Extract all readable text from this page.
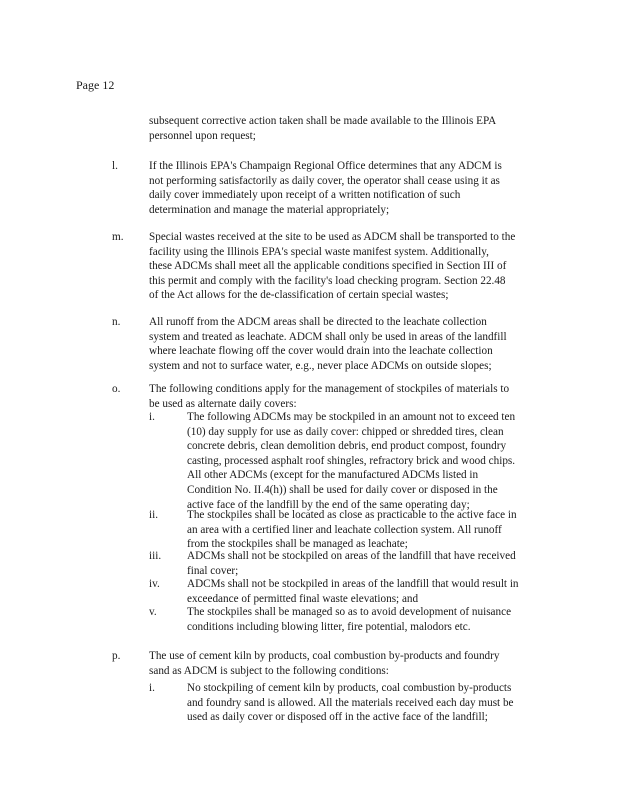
Page 12
subsequent corrective action taken shall be made available to the Illinois EPA
personnel upon request;
l.	If the Illinois EPA's Champaign Regional Office determines that any ADCM is
not performing satisfactorily as daily cover, the operator shall cease using it as
daily cover immediately upon receipt of a written notification of such
determination and manage the material appropriately;
m. Special wastes received at the site to be used as ADCM shall be transported to the
facility using the Illinois EPA's special waste manifest system. Additionally,
these ADCMs shall meet all the applicable conditions specified in Section III of
this permit and comply with the facility's load checking program. Section 22.48
of the Act allows for the de-classification of certain special wastes;
n.	All runoff from the ADCM areas shall be directed to the leachate collection
system and treated as leachate. ADCM shall only be used in areas of the landfill
where leachate flowing off the cover would drain into the leachate collection
system and not to surface water, e.g., never place ADCMs on outside slopes;
o.	The following conditions apply for the management of stockpiles of materials to
be used as alternate daily covers:
i.	The following ADCMs may be stockpiled in an amount not to exceed ten
(10) day supply for use as daily cover: chipped or shredded tires, clean
concrete debris, clean demolition debris, end product compost, foundry
casting, processed asphalt roof shingles, refractory brick and wood chips.
All other ADCMs (except for the manufactured ADCMs listed in
Condition No. II.4(h)) shall be used for daily cover or disposed in the
active face of the landfill by the end of the same operating day;
ii.	The stockpiles shall be located as close as practicable to the active face in
an area with a certified liner and leachate collection system. All runoff
from the stockpiles shall be managed as leachate;
iii. ADCMs shall not be stockpiled on areas of the landfill that have received
final cover;
iv. ADCMs shall not be stockpiled in areas of the landfill that would result in
exceedance of permitted final waste elevations; and
v.	The stockpiles shall be managed so as to avoid development of nuisance
conditions including blowing litter, fire potential, malodors etc.
p.	The use of cement kiln by products, coal combustion by-products and foundry
sand as ADCM is subject to the following conditions:
i.	No stockpiling of cement kiln by products, coal combustion by-products
and foundry sand is allowed. All the materials received each day must be
used as daily cover or disposed off in the active face of the landfill;
